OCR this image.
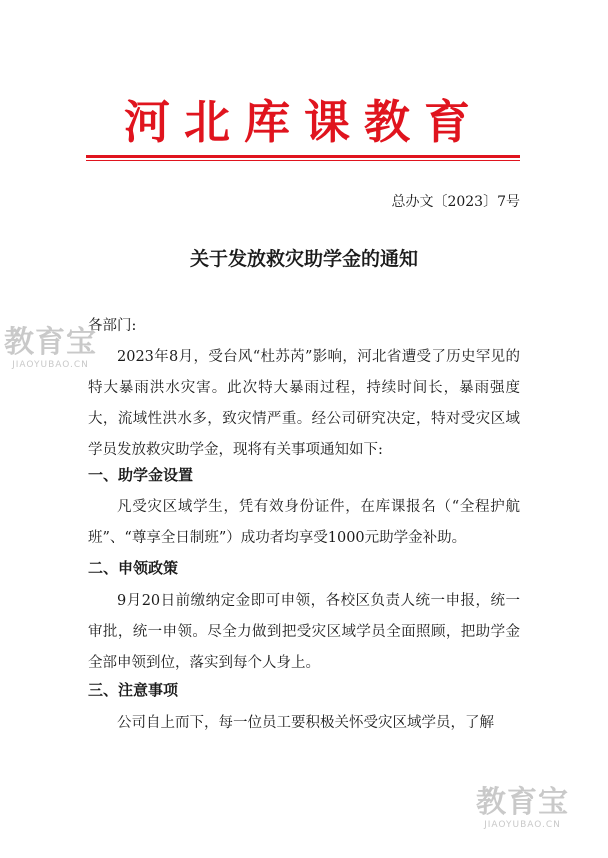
河北库课教育
总办文〔2023〕7号
关于发放救灾助学金的通知
各部门:
2023年8月，受台风“杜苏芮”影响，河北省遭受了历史罕见的特大暴雨洪水灾害。此次特大暴雨过程，持续时间长，暴雨强度大，流域性洪水多，致灾情严重。经公司研究决定，特对受灾区域学员发放救灾助学金，现将有关事项通知如下:
一、助学金设置
凡受灾区域学生，凭有效身份证件，在库课报名（“全程护航班”、“尊享全日制班”）成功者均享受1000元助学金补助。
二、申领政策
9月20日前缴纳定金即可申领，各校区负责人统一申报，统一审批，统一申领。尽全力做到把受灾区域学员全面照顾，把助学金全部申领到位，落实到每个人身上。
三、注意事项
公司自上而下，每一位员工要积极关怀受灾区域学员，了解
教育宝
JIAOYUBAO.CN
教育宝
JIAOYUBAO.CN
